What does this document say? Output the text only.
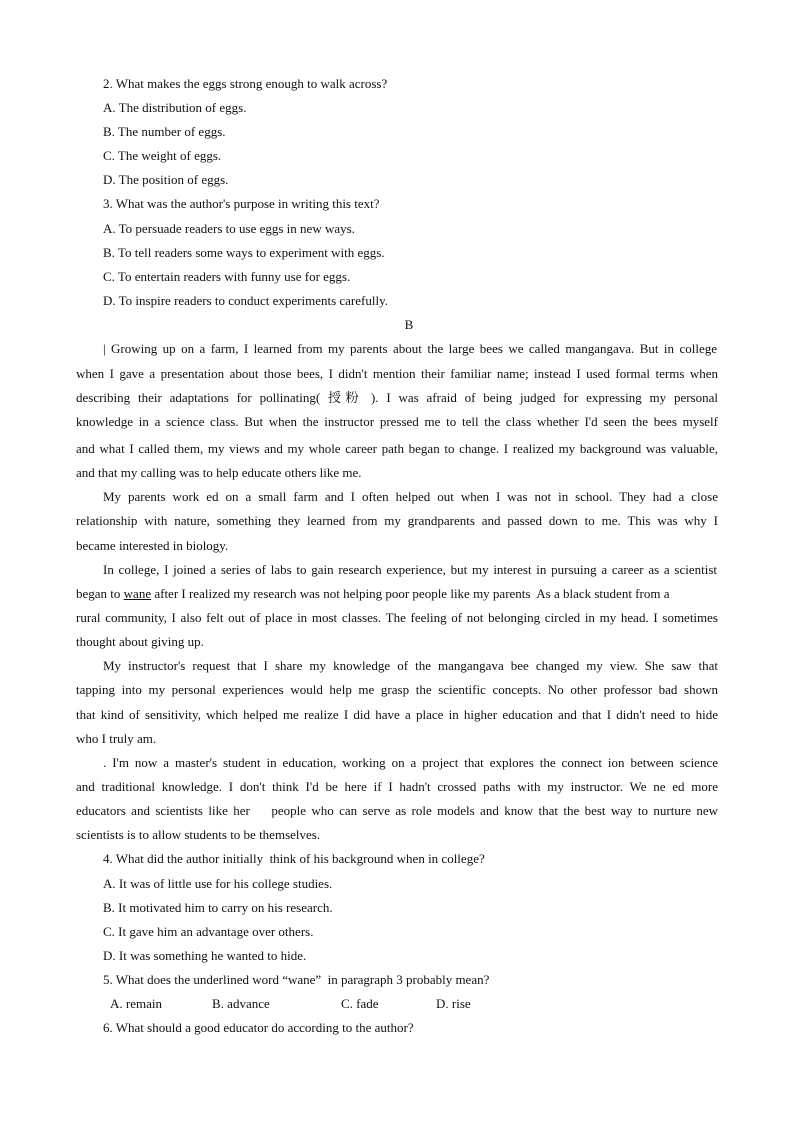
2. What makes the eggs strong enough to walk across?
A. The distribution of eggs.
B. The number of eggs.
C. The weight of eggs.
D. The position of eggs.
3. What was the author's purpose in writing this text?
A. To persuade readers to use eggs in new ways.
B. To tell readers some ways to experiment with eggs.
C. To entertain readers with funny use for eggs.
D. To inspire readers to conduct experiments carefully.
B
| Growing up on a farm, I learned from my parents about the large bees we called mangangava. But in college
when I gave a presentation about those bees, I didn't mention their familiar name; instead I used formal terms when
describing their adaptations for pollinating( 授粉 ). I was afraid of being judged for expressing my personal
knowledge in a science class. But when the instructor pressed me to tell the class whether I'd seen the bees myself
and what I called them, my views and my whole career path began to change. I realized my background was valuable,
and that my calling was to help educate others like me.
My parents work ed on a small farm and I often helped out when I was not in school. They had a close
relationship with nature, something they learned from my grandparents and passed down to me. This was why I
became interested in biology.
In college, I joined a series of labs to gain research experience, but my interest in pursuing a career as a scientist
began to wane after I realized my research was not helping poor people like my parents  As a black student from a
rural community, I also felt out of place in most classes. The feeling of not belonging circled in my head. I sometimes
thought about giving up.
My instructor's request that I share my knowledge of the mangangava bee changed my view. She saw that
tapping into my personal experiences would help me grasp the scientific concepts. No other professor bad shown
that kind of sensitivity, which helped me realize I did have a place in higher education and that I didn't need to hide
who I truly am.
. I'm now a master's student in education, working on a project that explores the connect ion between science
and traditional knowledge. I don't think I'd be here if I hadn't crossed paths with my instructor. We ne ed more
educators and scientists like her    people who can serve as role models and know that the best way to nurture new
scientists is to allow students to be themselves.
4. What did the author initially  think of his background when in college?
A. It was of little use for his college studies.
B. It motivated him to carry on his research.
C. It gave him an advantage over others.
D. It was something he wanted to hide.
5. What does the underlined word “wane”  in paragraph 3 probably mean?
A. remain	B. advance	C. fade	D. rise
6. What should a good educator do according to the author?
